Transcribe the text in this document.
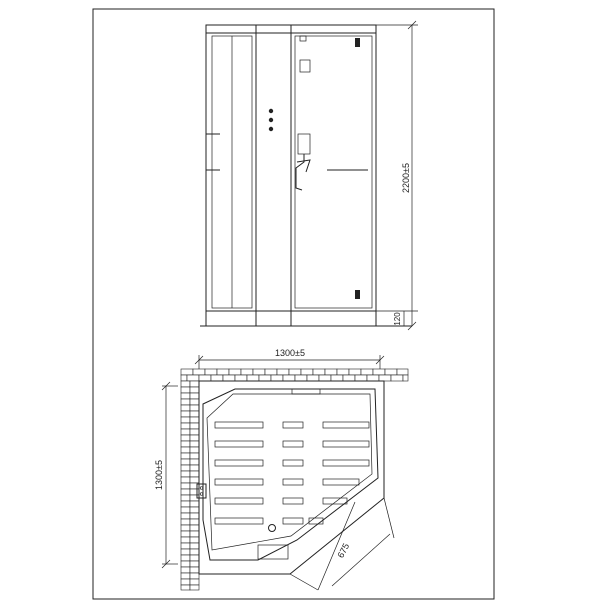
2200±5
120
1300±5
1300±5
675
